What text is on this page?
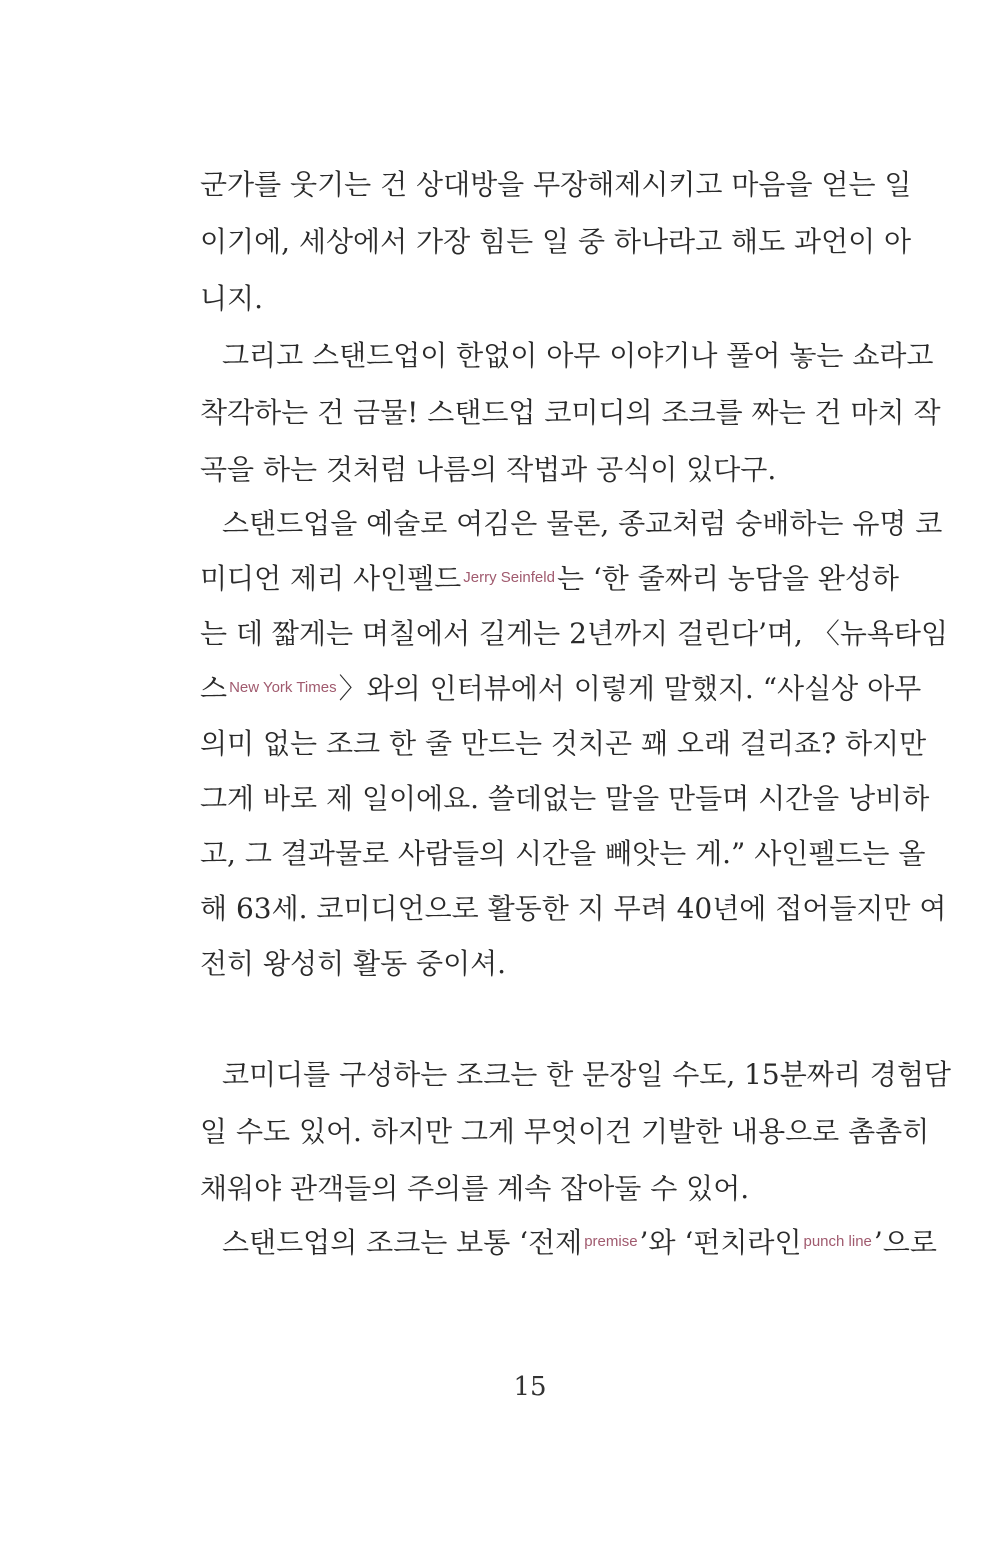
군가를 웃기는 건 상대방을 무장해제시키고 마음을 얻는 일
이기에, 세상에서 가장 힘든 일 중 하나라고 해도 과언이 아
니지.
그리고 스탠드업이 한없이 아무 이야기나 풀어 놓는 쇼라고
착각하는 건 금물! 스탠드업 코미디의 조크를 짜는 건 마치 작
곡을 하는 것처럼 나름의 작법과 공식이 있다구.
스탠드업을 예술로 여김은 물론, 종교처럼 숭배하는 유명 코
미디언 제리 사인펠드 $^{Jerry Seinfeld}$는 ‘한 줄짜리 농담을 완성하
는 데 짧게는 며칠에서 길게는 2년까지 걸린다’며, 〈뉴욕타임
스 $^{New York Times}$〉와의 인터뷰에서 이렇게 말했지. “사실상 아무
의미 없는 조크 한 줄 만드는 것치곤 꽤 오래 걸리죠? 하지만
그게 바로 제 일이에요. 쓸데없는 말을 만들며 시간을 낭비하
고, 그 결과물로 사람들의 시간을 빼앗는 게.” 사인펠드는 올
해 63세. 코미디언으로 활동한 지 무려 40년에 접어들지만 여
전히 왕성히 활동 중이셔.
코미디를 구성하는 조크는 한 문장일 수도, 15분짜리 경험담
일 수도 있어. 하지만 그게 무엇이건 기발한 내용으로 촘촘히
채워야 관객들의 주의를 계속 잡아둘 수 있어.
스탠드업의 조크는 보통 ‘전제 $^{premise}$’와 ‘펀치라인 $^{punch line}$’으로
15
